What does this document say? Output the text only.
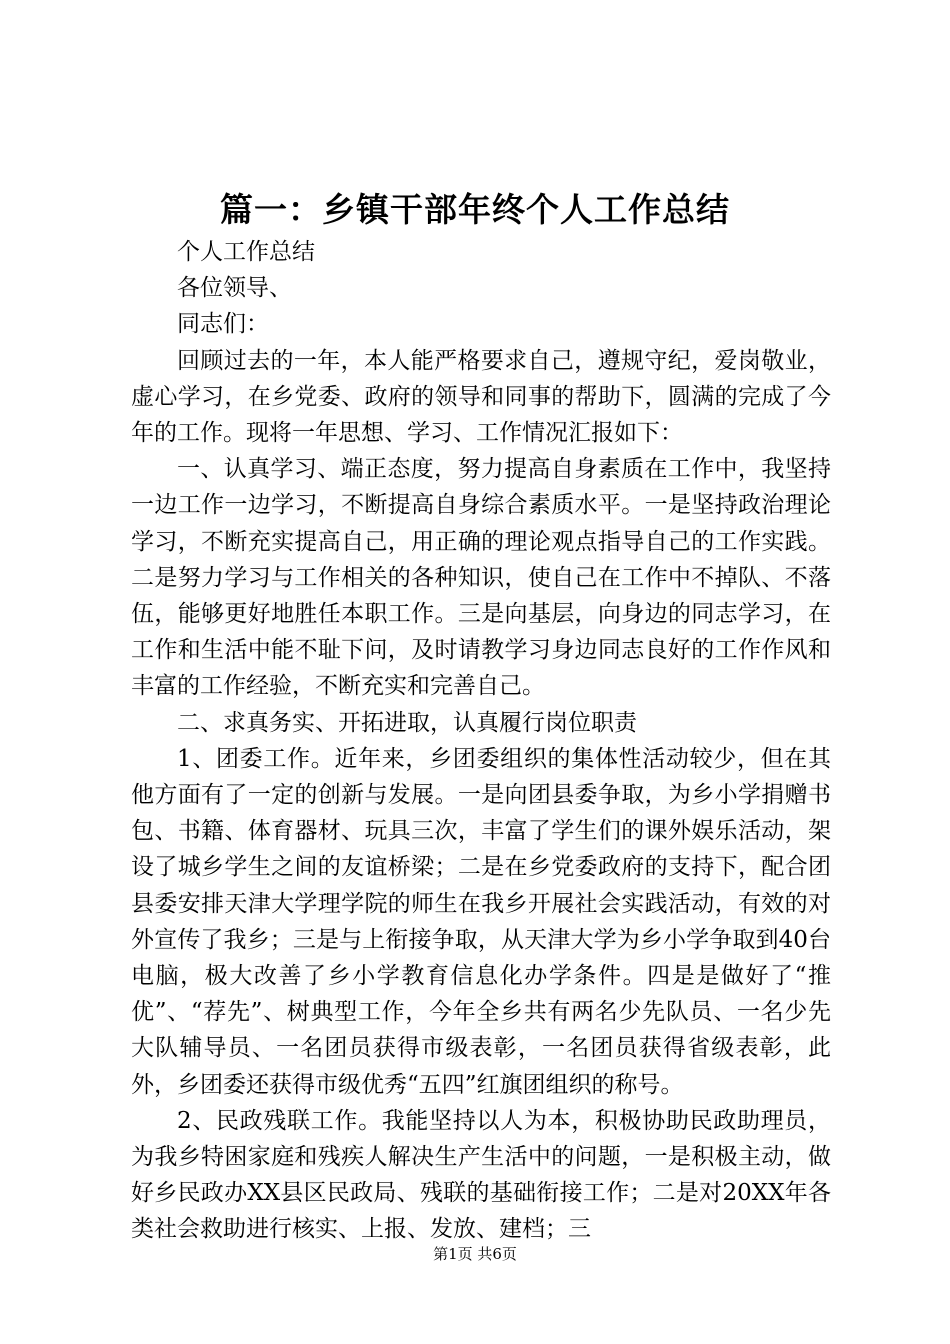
篇一：乡镇干部年终个人工作总结

个人工作总结

各位领导、

同志们：

回顾过去的一年，本人能严格要求自己，遵规守纪，爱岗敬业，虚心学习，在乡党委、政府的领导和同事的帮助下，圆满的完成了今年的工作。现将一年思想、学习、工作情况汇报如下：

一、认真学习、端正态度，努力提高自身素质在工作中，我坚持一边工作一边学习，不断提高自身综合素质水平。一是坚持政治理论学习，不断充实提高自己，用正确的理论观点指导自己的工作实践。二是努力学习与工作相关的各种知识，使自己在工作中不掉队、不落伍，能够更好地胜任本职工作。三是向基层，向身边的同志学习，在工作和生活中能不耻下问，及时请教学习身边同志良好的工作作风和丰富的工作经验，不断充实和完善自己。

二、求真务实、开拓进取，认真履行岗位职责

1、团委工作。近年来，乡团委组织的集体性活动较少，但在其他方面有了一定的创新与发展。一是向团县委争取，为乡小学捐赠书包、书籍、体育器材、玩具三次，丰富了学生们的课外娱乐活动，架设了城乡学生之间的友谊桥梁；二是在乡党委政府的支持下，配合团县委安排天津大学理学院的师生在我乡开展社会实践活动，有效的对外宣传了我乡；三是与上衔接争取，从天津大学为乡小学争取到40台电脑，极大改善了乡小学教育信息化办学条件。四是是做好了“推优”、“荐先”、树典型工作，今年全乡共有两名少先队员、一名少先大队辅导员、一名团员获得市级表彰，一名团员获得省级表彰，此外，乡团委还获得市级优秀“五四”红旗团组织的称号。

2、民政残联工作。我能坚持以人为本，积极协助民政助理员，为我乡特困家庭和残疾人解决生产生活中的问题，一是积极主动，做好乡民政办XX县区民政局、残联的基础衔接工作；二是对20XX年各类社会救助进行核实、上报、发放、建档；三

第1页 共6页
